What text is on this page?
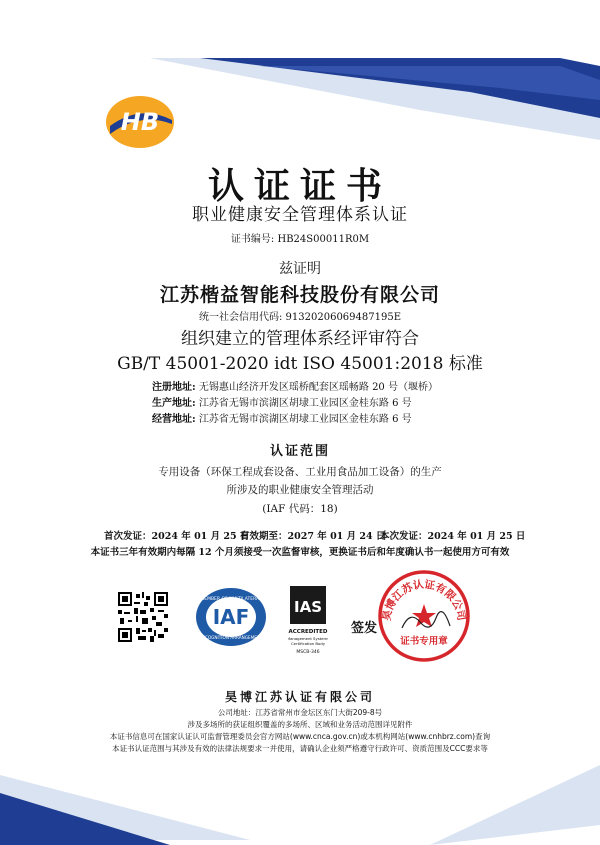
HB
认证证书
职业健康安全管理体系认证
证书编号: HB24S00011R0M
兹证明
江苏楷益智能科技股份有限公司
统一社会信用代码: 91320206069487195E
组织建立的管理体系经评审符合
GB/T 45001-2020 idt ISO 45001:2018 标准
注册地址: 无锡惠山经济开发区瑶桥配套区瑶畅路 20 号（堰桥）
生产地址: 江苏省无锡市滨湖区胡埭工业园区金桂东路 6 号
经营地址: 江苏省无锡市滨湖区胡埭工业园区金桂东路 6 号
认证范围
专用设备（环保工程成套设备、工业用食品加工设备）的生产
所涉及的职业健康安全管理活动
(IAF 代码：18)
首次发证：2024 年 01 月 25 日
有效期至：2027 年 01 月 24 日
本次发证：2024 年 01 月 25 日
本证书三年有效期内每隔 12 个月须接受一次监督审核，更换证书后和年度确认书一起使用方可有效
MEMBER OF MULTILATERAL
RECOGNITION ARRANGEMENT
IAF	IAS
ACCREDITED
Management Systems
Certification Body
MSCB-346
签发
昊博江苏认证有限公司
证书专用章
昊博江苏认证有限公司
公司地址：江苏省常州市金坛区东门大街209-8号
涉及多场所的获证组织覆盖的多场所、区域和业务活动范围详见附件
本证书信息可在国家认证认可监督管理委员会官方网站(www.cnca.gov.cn)或本机构网站(www.cnhbrz.com)查询
本证书认证范围与其涉及有效的法律法规要求一并使用，请确认企业须严格遵守行政许可、资质范围及CCC要求等
